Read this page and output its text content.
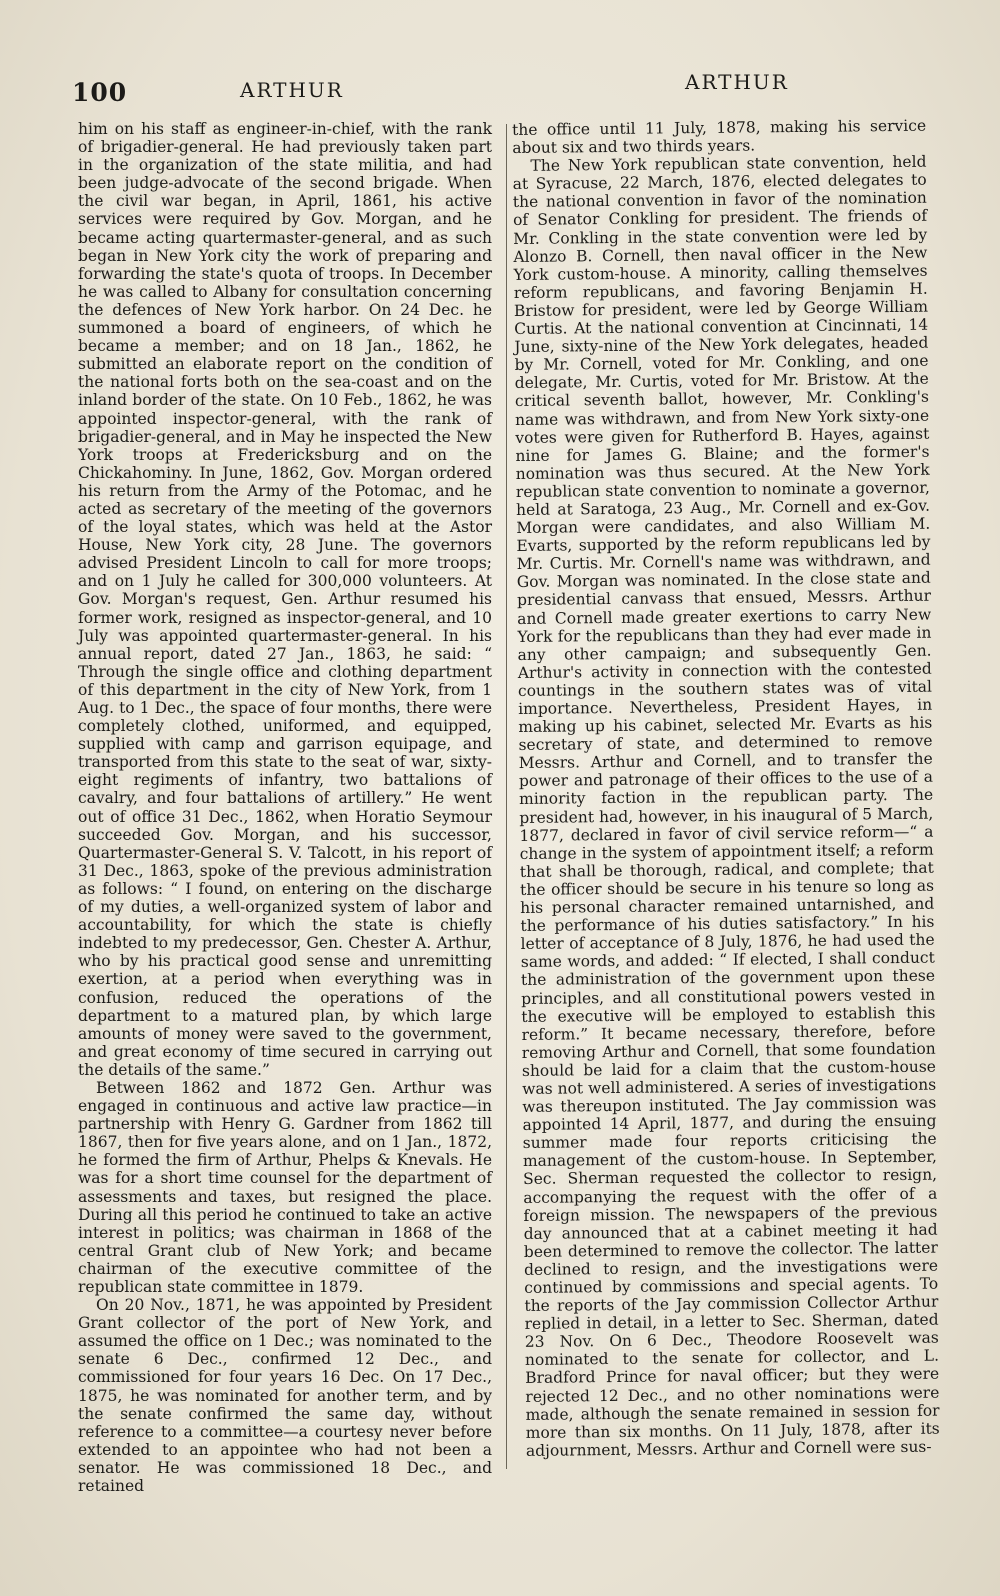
100	ARTHUR	ARTHUR

him on his staff as engineer-in-chief, with the rank of brigadier-general. He had previously taken part in the organization of the state militia, and had been judge-advocate of the second brigade. When the civil war began, in April, 1861, his active services were required by Gov. Morgan, and he became acting quartermaster-general, and as such began in New York city the work of preparing and forwarding the state's quota of troops. In December he was called to Albany for consultation concerning the defences of New York harbor. On 24 Dec. he summoned a board of engineers, of which he became a member; and on 18 Jan., 1862, he submitted an elaborate report on the condition of the national forts both on the sea-coast and on the inland border of the state. On 10 Feb., 1862, he was appointed inspector-general, with the rank of brigadier-general, and in May he inspected the New York troops at Fredericksburg and on the Chickahominy. In June, 1862, Gov. Morgan ordered his return from the Army of the Potomac, and he acted as secretary of the meeting of the governors of the loyal states, which was held at the Astor House, New York city, 28 June. The governors advised President Lincoln to call for more troops; and on 1 July he called for 300,000 volunteers. At Gov. Morgan's request, Gen. Arthur resumed his former work, resigned as inspector-general, and 10 July was appointed quartermaster-general. In his annual report, dated 27 Jan., 1863, he said: “ Through the single office and clothing department of this department in the city of New York, from 1 Aug. to 1 Dec., the space of four months, there were completely clothed, uniformed, and equipped, supplied with camp and garrison equipage, and transported from this state to the seat of war, sixty-eight regiments of infantry, two battalions of cavalry, and four battalions of artillery.” He went out of office 31 Dec., 1862, when Horatio Seymour succeeded Gov. Morgan, and his successor, Quartermaster-General S. V. Talcott, in his report of 31 Dec., 1863, spoke of the previous administration as follows: “ I found, on entering on the discharge of my duties, a well-organized system of labor and accountability, for which the state is chiefly indebted to my predecessor, Gen. Chester A. Arthur, who by his practical good sense and unremitting exertion, at a period when everything was in confusion, reduced the operations of the department to a matured plan, by which large amounts of money were saved to the government, and great economy of time secured in carrying out the details of the same.”

Between 1862 and 1872 Gen. Arthur was engaged in continuous and active law practice—in partnership with Henry G. Gardner from 1862 till 1867, then for five years alone, and on 1 Jan., 1872, he formed the firm of Arthur, Phelps & Knevals. He was for a short time counsel for the department of assessments and taxes, but resigned the place. During all this period he continued to take an active interest in politics; was chairman in 1868 of the central Grant club of New York; and became chairman of the executive committee of the republican state committee in 1879.

On 20 Nov., 1871, he was appointed by President Grant collector of the port of New York, and assumed the office on 1 Dec.; was nominated to the senate 6 Dec., confirmed 12 Dec., and commissioned for four years 16 Dec. On 17 Dec., 1875, he was nominated for another term, and by the senate confirmed the same day, without reference to a committee—a courtesy never before extended to an appointee who had not been a senator. He was commissioned 18 Dec., and retained

the office until 11 July, 1878, making his service about six and two thirds years.

The New York republican state convention, held at Syracuse, 22 March, 1876, elected delegates to the national convention in favor of the nomination of Senator Conkling for president. The friends of Mr. Conkling in the state convention were led by Alonzo B. Cornell, then naval officer in the New York custom-house. A minority, calling themselves reform republicans, and favoring Benjamin H. Bristow for president, were led by George William Curtis. At the national convention at Cincinnati, 14 June, sixty-nine of the New York delegates, headed by Mr. Cornell, voted for Mr. Conkling, and one delegate, Mr. Curtis, voted for Mr. Bristow. At the critical seventh ballot, however, Mr. Conkling's name was withdrawn, and from New York sixty-one votes were given for Rutherford B. Hayes, against nine for James G. Blaine; and the former's nomination was thus secured. At the New York republican state convention to nominate a governor, held at Saratoga, 23 Aug., Mr. Cornell and ex-Gov. Morgan were candidates, and also William M. Evarts, supported by the reform republicans led by Mr. Curtis. Mr. Cornell's name was withdrawn, and Gov. Morgan was nominated. In the close state and presidential canvass that ensued, Messrs. Arthur and Cornell made greater exertions to carry New York for the republicans than they had ever made in any other campaign; and subsequently Gen. Arthur's activity in connection with the contested countings in the southern states was of vital importance. Nevertheless, President Hayes, in making up his cabinet, selected Mr. Evarts as his secretary of state, and determined to remove Messrs. Arthur and Cornell, and to transfer the power and patronage of their offices to the use of a minority faction in the republican party. The president had, however, in his inaugural of 5 March, 1877, declared in favor of civil service reform—“ a change in the system of appointment itself; a reform that shall be thorough, radical, and complete; that the officer should be secure in his tenure so long as his personal character remained untarnished, and the performance of his duties satisfactory.” In his letter of acceptance of 8 July, 1876, he had used the same words, and added: “ If elected, I shall conduct the administration of the government upon these principles, and all constitutional powers vested in the executive will be employed to establish this reform.” It became necessary, therefore, before removing Arthur and Cornell, that some foundation should be laid for a claim that the custom-house was not well administered. A series of investigations was thereupon instituted. The Jay commission was appointed 14 April, 1877, and during the ensuing summer made four reports criticising the management of the custom-house. In September, Sec. Sherman requested the collector to resign, accompanying the request with the offer of a foreign mission. The newspapers of the previous day announced that at a cabinet meeting it had been determined to remove the collector. The latter declined to resign, and the investigations were continued by commissions and special agents. To the reports of the Jay commission Collector Arthur replied in detail, in a letter to Sec. Sherman, dated 23 Nov. On 6 Dec., Theodore Roosevelt was nominated to the senate for collector, and L. Bradford Prince for naval officer; but they were rejected 12 Dec., and no other nominations were made, although the senate remained in session for more than six months. On 11 July, 1878, after its adjournment, Messrs. Arthur and Cornell were sus-
